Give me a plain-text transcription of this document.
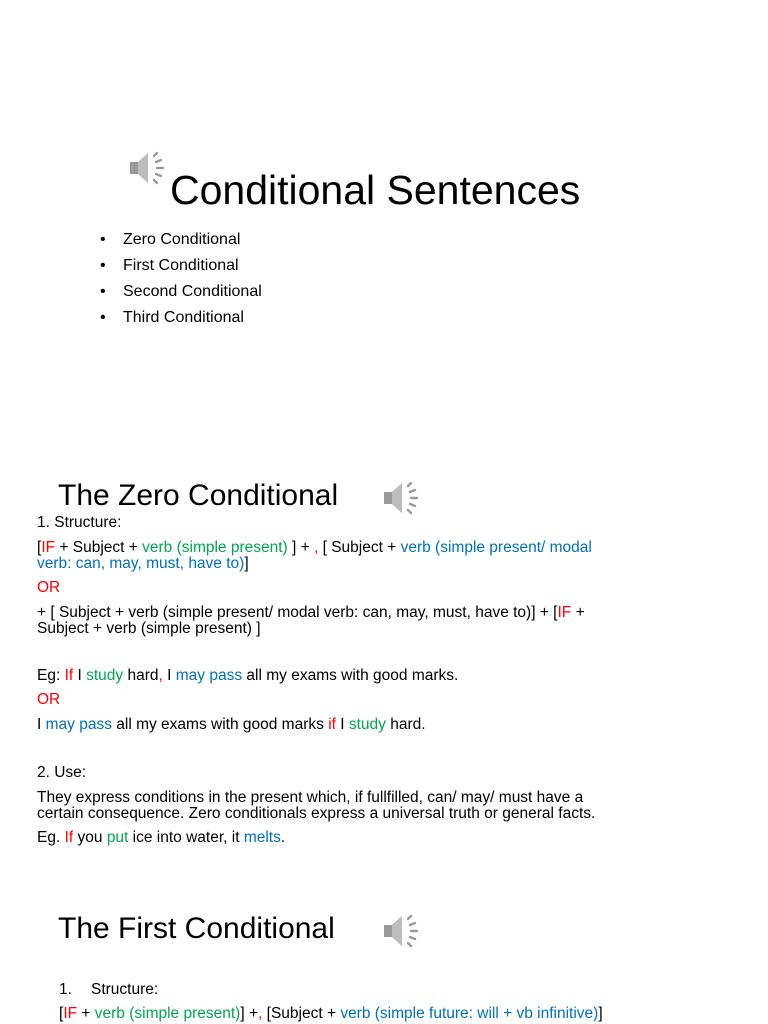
Conditional Sentences
• Zero Conditional
• First Conditional
• Second Conditional
• Third Conditional
The Zero Conditional
1. Structure:
[IF + Subject + verb (simple present) ] + , [ Subject + verb (simple present/ modal
verb: can, may, must, have to)]
OR
+ [ Subject + verb (simple present/ modal verb: can, may, must, have to)] + [IF +
Subject + verb (simple present) ]
Eg: If I study hard, I may pass all my exams with good marks.
OR
I may pass all my exams with good marks if I study hard.
2. Use:
They express conditions in the present which, if fullfilled, can/ may/ must have a
certain consequence. Zero conditionals express a universal truth or general facts.
Eg. If you put ice into water, it melts.
The First Conditional
1. Structure:
[IF + verb (simple present)] +, [Subject + verb (simple future: will + vb infinitive)]
